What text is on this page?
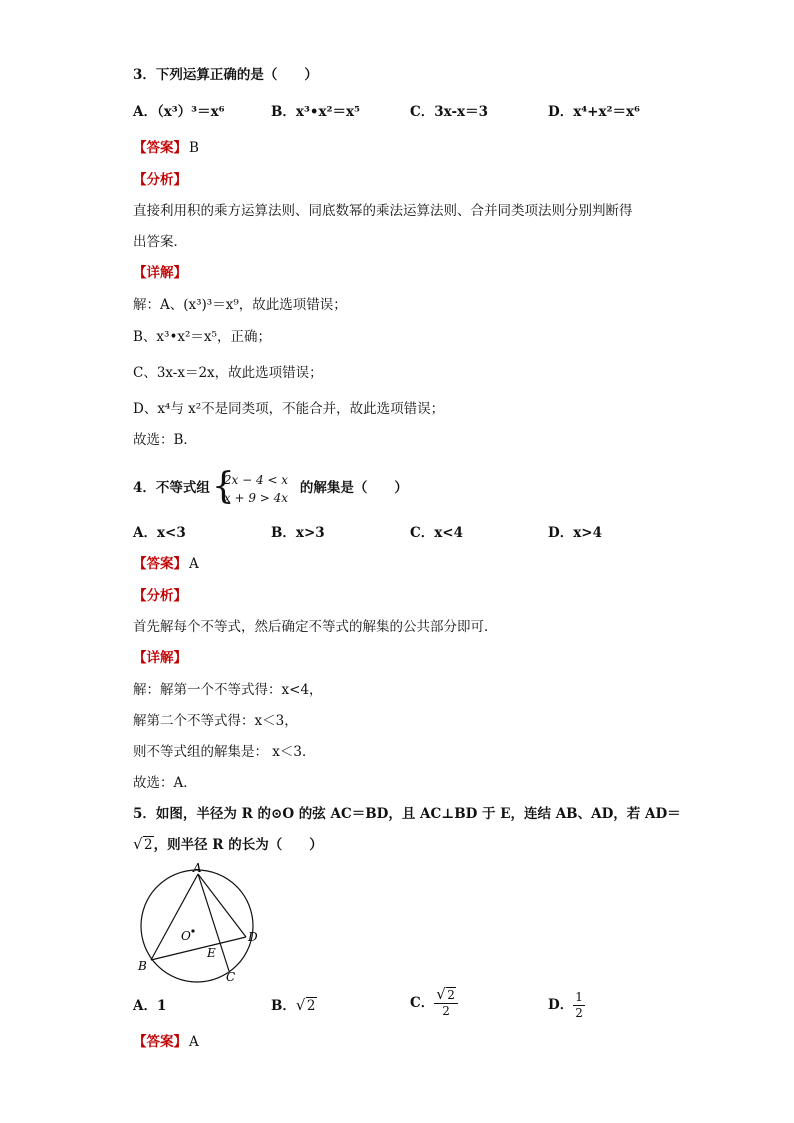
3．下列运算正确的是（　　）
A．（x³）³＝x⁶	B．x³•x²＝x⁵	C．3x-x＝3	D．x⁴+x²＝x⁶
【答案】 B
【分析】
直接利用积的乘方运算法则、同底数幂的乘法运算法则、合并同类项法则分别判断得
出答案．
【详解】
解：A、(x³)³＝x⁹，故此选项错误；
B、x³•x²＝x⁵，正确；
C、3x-x＝2x，故此选项错误；
D、x⁴与 x²不是同类项，不能合并，故此选项错误；
故选：B．
4．不等式组 {
2x − 4 < x
x + 9 > 4x
的解集是（　　）
A．x<3	B．x>3	C．x<4	D．x>4
【答案】 A
【分析】
首先解每个不等式，然后确定不等式的解集的公共部分即可．
【详解】
解：解第一个不等式得：x<4，
解第二个不等式得：x＜3，
则不等式组的解集是： x＜3．
故选：A．
5．如图，半径为 R 的⊙O 的弦 AC＝BD，且 AC⊥BD 于 E，连结 AB、AD，若 AD＝
√ 2，则半径 R 的长为（　　）
A
B
C
D
E
O
A．1	B． √ 2	C． $\frac{√ 2}{2}$	D． $\frac{1}{2}$
【答案】 A
